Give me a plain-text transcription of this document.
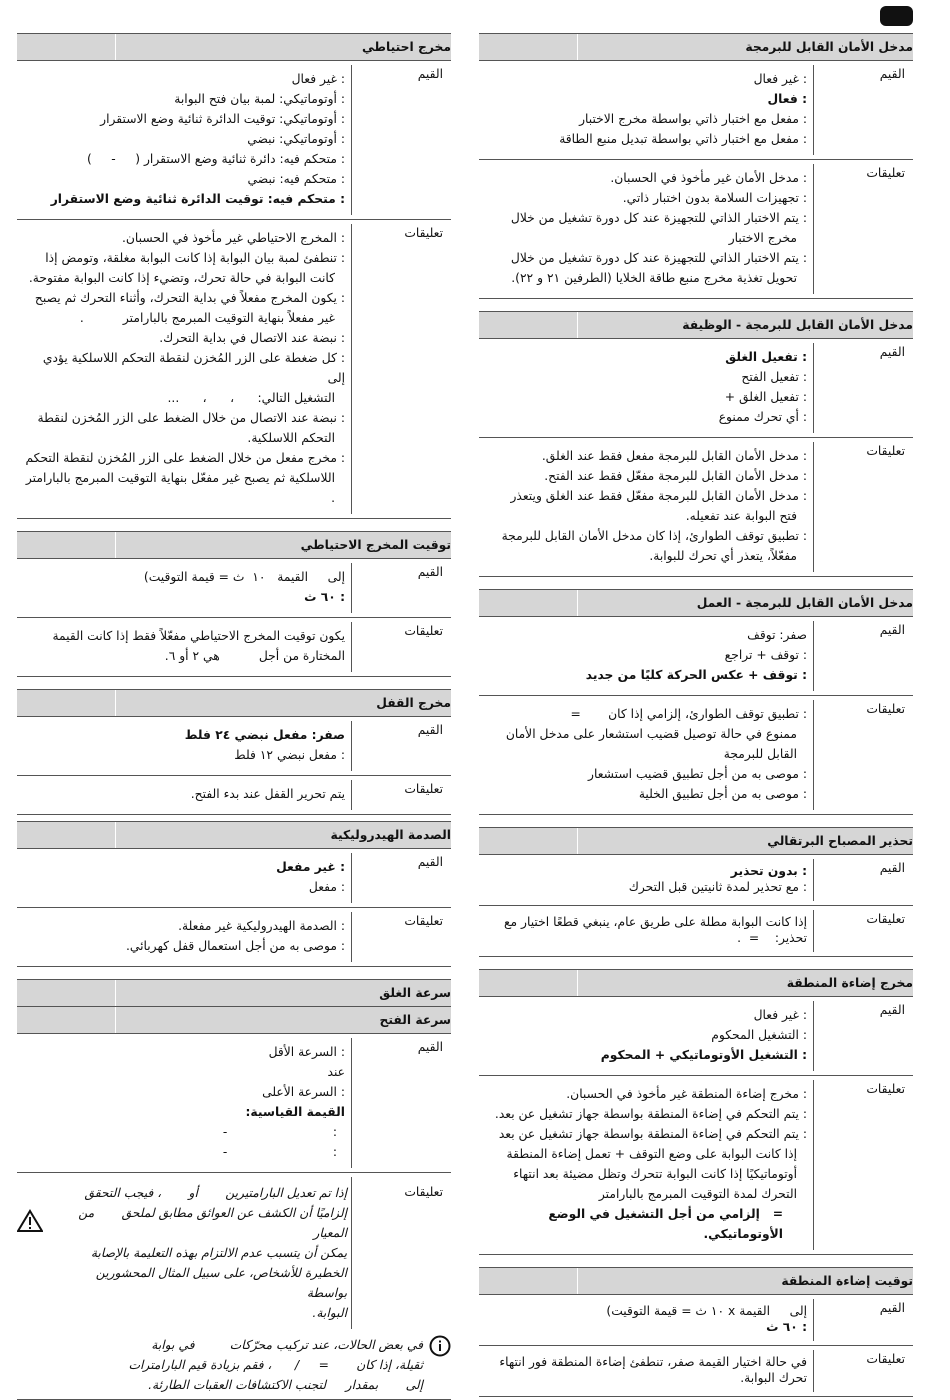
مدخل الأمان القابل للبرمجة
القيم
: غير فعال
: فعال
: مفعل مع اختبار ذاتي بواسطة مخرج الاختبار
: مفعل مع اختبار ذاتي بواسطة تبديل منبع الطاقة
تعليقات
: مدخل الأمان غير مأخوذ في الحسبان.
: تجهيزات السلامة بدون اختبار ذاتي.
: يتم الاختبار الذاتي للتجهيزة عند كل دورة تشغيل من خلال
مخرج الاختبار
: يتم الاختبار الذاتي للتجهيزة عند كل دورة تشغيل من خلال
تحويل تغذية مخرج منبع طاقة الخلايا (الطرفين ٢١ و ٢٢).
مدخل الأمان القابل للبرمجة - الوظيفة
القيم
: تفعيل الغلق
: تفعيل الفتح
: تفعيل الغلق +
: أي تحرك ممنوع
تعليقات
: مدخل الأمان القابل للبرمجة مفعل فقط عند الغلق.
: مدخل الأمان القابل للبرمجة مفعّل فقط عند الفتح.
: مدخل الأمان القابل للبرمجة مفعّل فقط عند الغلق ويتعذر
فتح البوابة عند تفعيله.
: تطبيق توقف الطوارئ، إذا كان مدخل الأمان القابل للبرمجة
مفعّلاً، يتعذر أي تحرك للبوابة.
مدخل الأمان القابل للبرمجة - العمل
القيم
صفر: توقف
: توقف + تراجع
: توقف + عكس الحركة كليًا من جديد
تعليقات
: تطبيق توقف الطوارئ، إلزامي إذا كان       =
ممنوع في حالة توصيل قضيب استشعار على مدخل الأمان
القابل للبرمجة
: موصى به من أجل تطبيق قضيب استشعار
: موصى به من أجل تطبيق الخلية
تحذير المصباح البرتقالي
القيم
: بدون تحذير
: مع تحذير لمدة ثانيتين قبل التحرك
تعليقات
إذا كانت البوابة مطلة على طريق عام، ينبغي قطعًا اختيار مع
تحذير:    =  .
مخرج إضاءة المنطقة
القيم
: غير فعال
: التشغيل المحكوم
: التشغيل الأوتوماتيكي + المحكوم
تعليقات
: مخرج إضاءة المنطقة غير مأخوذ في الحسبان.
: يتم التحكم في إضاءة المنطقة بواسطة جهاز تشغيل عن بعد.
: يتم التحكم في إضاءة المنطقة بواسطة جهاز تشغيل عن بعد
إذا كانت البوابة على وضع التوقف + تعمل إضاءة المنطقة
أوتوماتيكيًا إذا كانت البوابة تتحرك وتظل مضيئة بعد انتهاء
التحرك لمدة التوقيت المبرمج بالبارامتر
=   إلزامي من أجل التشغيل في الوضع الأوتوماتيكي.
توقيت إضاءة المنطقة
القيم
إلى     القيمة x ١٠ ث = قيمة التوقيت)
: ٦٠ ث
تعليقات
في حالة اختيار القيمة صفر، تنطفئ إضاءة المنطقة فور انتهاء
تحرك البوابة.
مخرج احتياطي
القيم
: غير فعال
: أوتوماتيكي: لمبة بيان فتح البوابة
: أوتوماتيكي: توقيت الدائرة ثنائية وضع الاستقرار
: أوتوماتيكي: نبضي
: متحكم فيه: دائرة ثنائية وضع الاستقرار (     -     )
: متحكم فيه: نبضي
: متحكم فيه: توقيت الدائرة ثنائية وضع الاستقرار
تعليقات
: المخرج الاحتياطي غير مأخوذ في الحسبان.
: تنطفئ لمبة بيان البوابة إذا كانت البوابة مغلقة، وتومض إذا
كانت البوابة في حالة تحرك، وتضيء إذا كانت البوابة مفتوحة.
: يكون المخرج مفعلاً في بداية التحرك، وأثناء التحرك ثم يصبح
غير مفعلاً بنهاية التوقيت المبرمج بالبارامتر          .
: نبضة عند الاتصال في بداية التحرك.
: كل ضغطة على الزر المُخزن لنقطة التحكم اللاسلكية يؤدي إلى
التشغيل التالي:      ،      ،      ...
: نبضة عند الاتصال من خلال الضغط على الزر المُخزن لنقطة
التحكم اللاسلكية.
: مخرج مفعل من خلال الضغط على الزر المُخزن لنقطة التحكم
اللاسلكية ثم يصبح غير مفعّل بنهاية التوقيت المبرمج بالبارامتر
.
توقيت المخرج الاحتياطي
القيم
إلى     القيمة   ١٠  ث = قيمة التوقيت)
: ٦٠ ث
تعليقات
يكون توقيت المخرج الاحتياطي مفعّلاً فقط إذا كانت القيمة
المختارة من أجل          هي ٢ أو ٦.
مخرج القفل
القيم
صفر: مفعل نبضي ٢٤ فلط
: مفعل نبضي ١٢ فلط
تعليقات
يتم تحرير القفل عند بدء الفتح.
الصدمة الهيدروليكية
القيم
: غير مفعل
: مفعل
تعليقات
: الصدمة الهيدروليكية غير مفعلة.
: موصى به من أجل استعمال قفل كهربائي.
سرعة الغلق
سرعة الفتح
القيم
: السرعة الأقل
عند
: السرعة الأعلى
القيمة القياسية:
:                           -
:                           -
تعليقات
إذا تم تعديل البارامتيرين       أو       ، فيجب التحقق
إلزاميًا أن الكشف عن العوائق مطابق لملحق       من
المعيار
يمكن أن يتسبب عدم الالتزام بهذه التعليمة بالإصابة
الخطيرة للأشخاص، على سبيل المثال المحشورين بواسطة
البوابة.
في بعض الحالات، عند تركيب محرّكات         في بوابة
ثقيلة، إذا كان       =     /      ، فقم بزيادة قيم البارامترات
إلى       بمقدار     لتجنب الاكتشافات العقبات الطارئة.
